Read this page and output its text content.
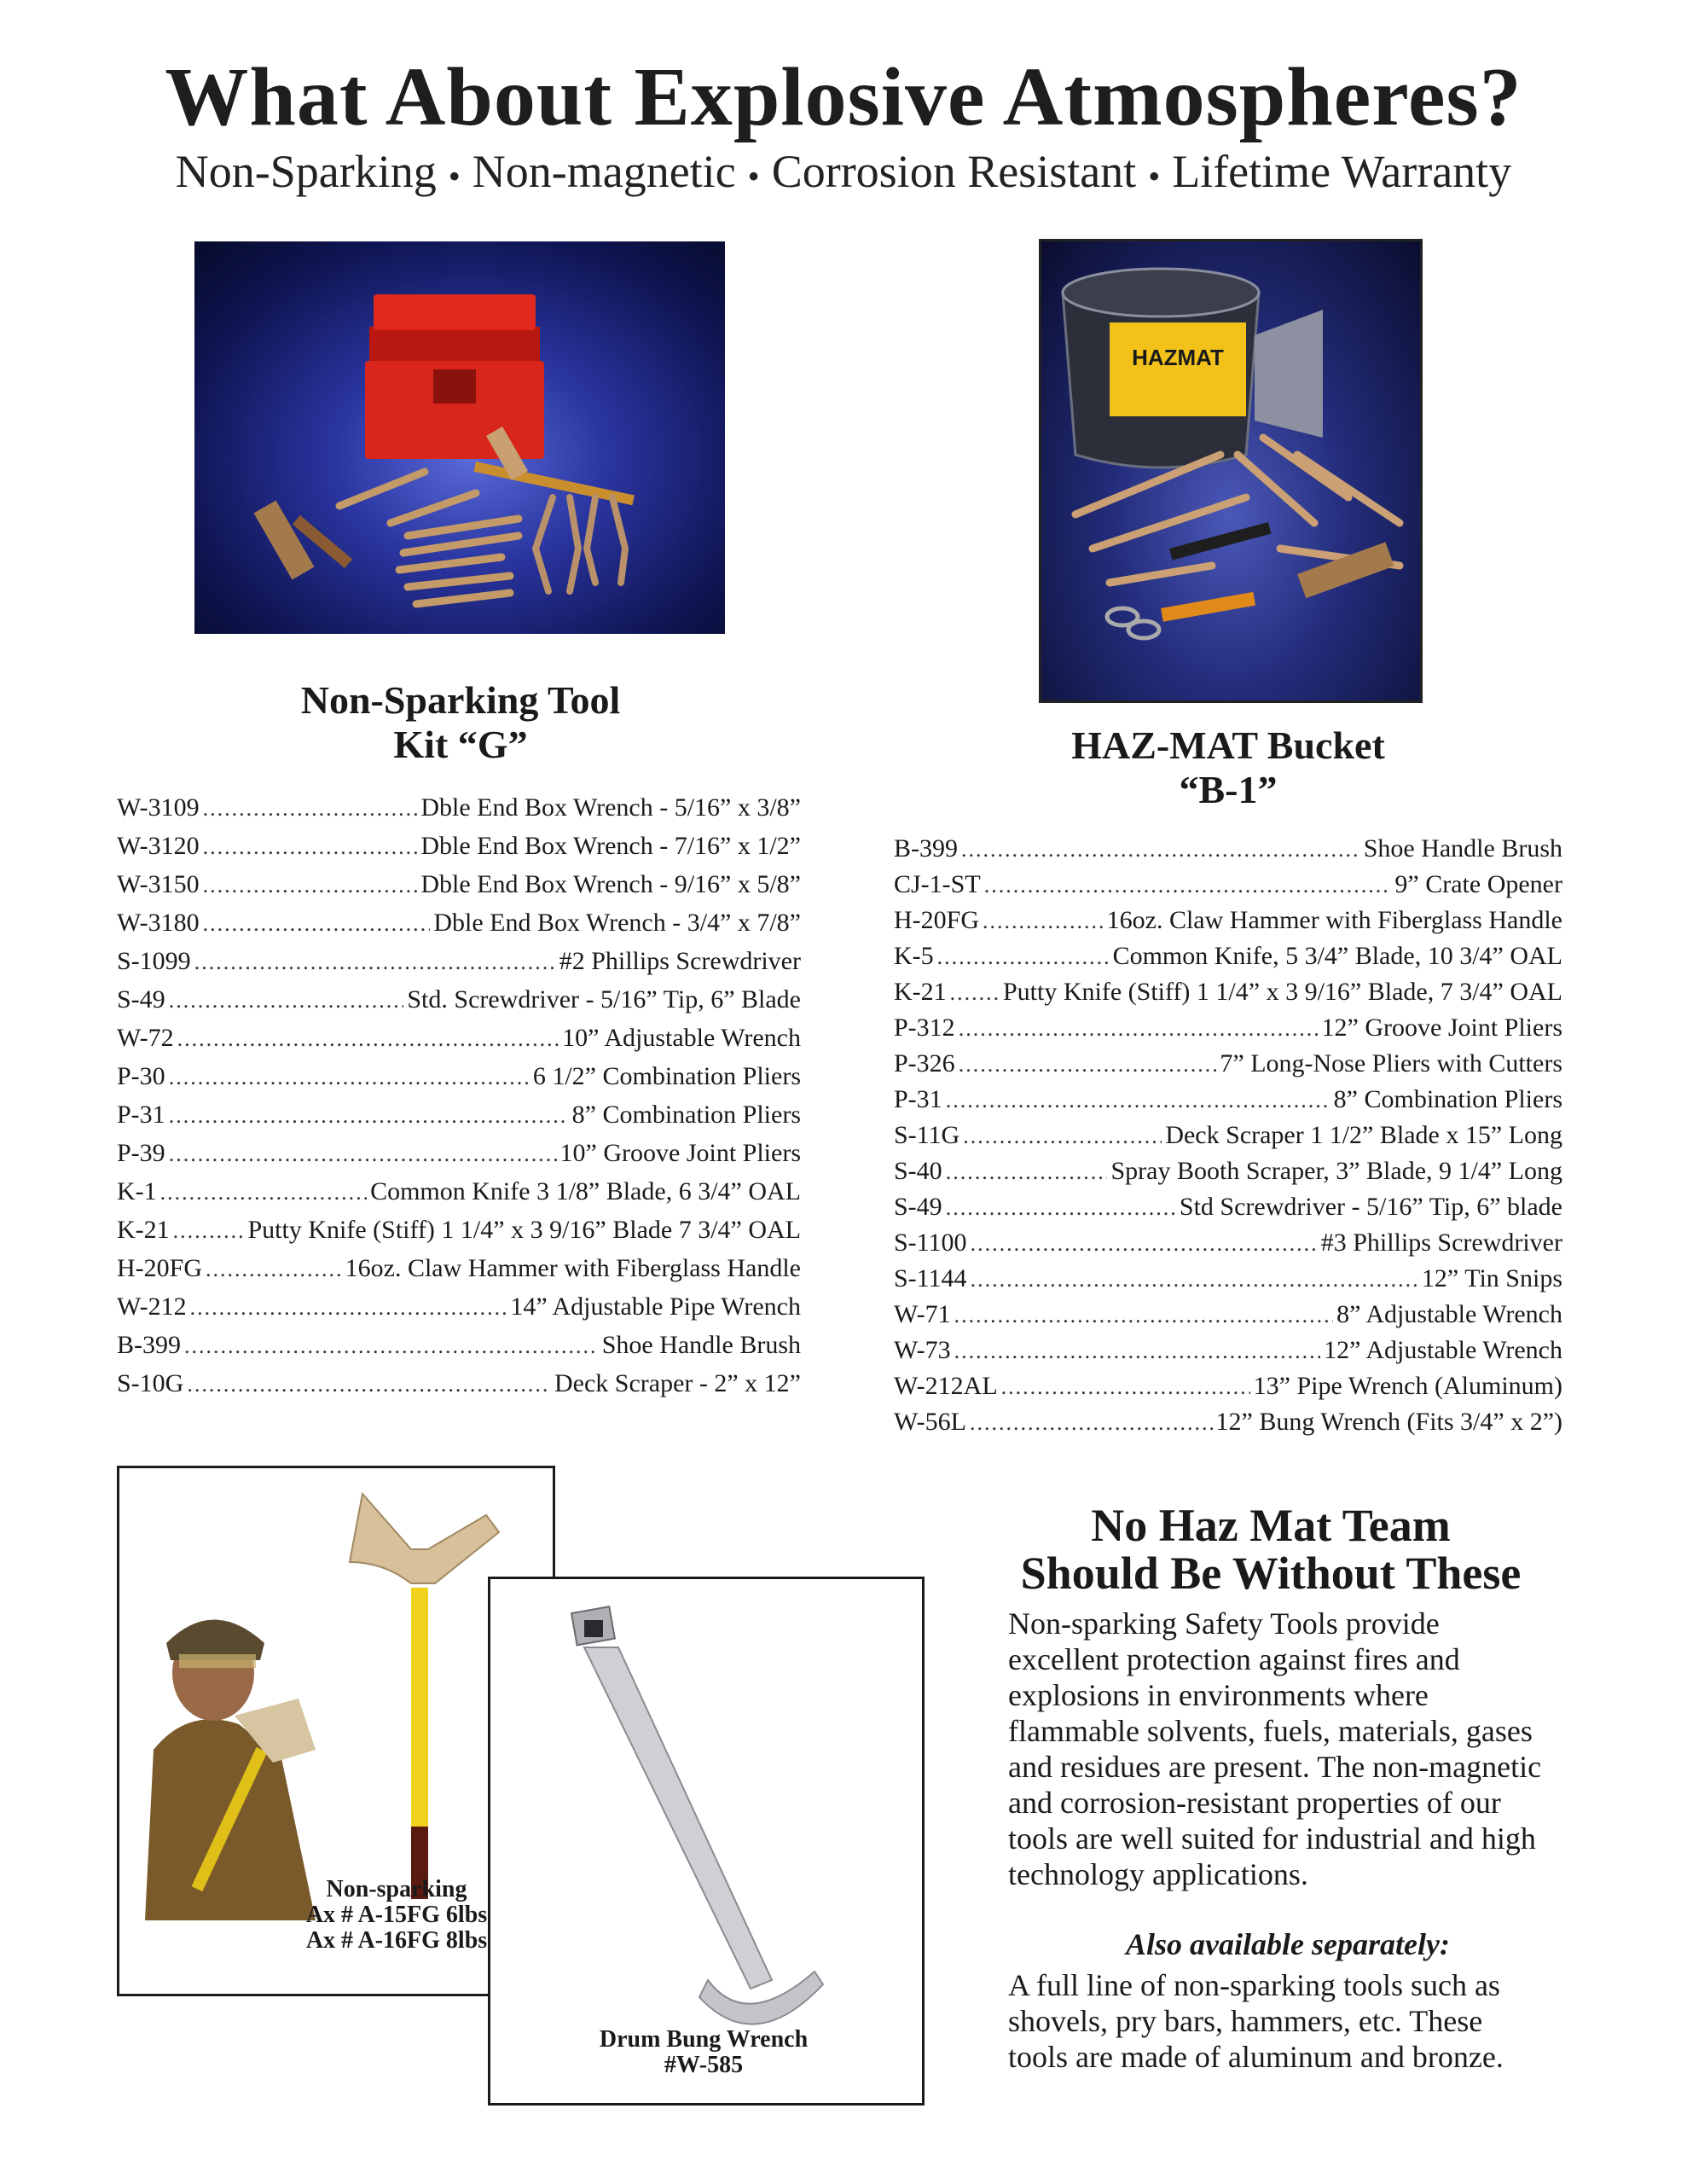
What About Explosive Atmospheres?
Non-Sparking • Non-magnetic • Corrosion Resistant • Lifetime Warranty
HAZMAT
Non-Sparking Tool
Kit “G”
W-3109 .....	Dble End Box Wrench - 5/16” x 3/8”
W-3120 .....	Dble End Box Wrench - 7/16” x 1/2”
W-3150 .....	Dble End Box Wrench - 9/16” x 5/8”
W-3180 .....	Dble End Box Wrench - 3/4” x 7/8”
S-1099 .....	#2 Phillips Screwdriver
S-49 .....	Std. Screwdriver - 5/16” Tip, 6” Blade
W-72 .....	10” Adjustable Wrench
P-30 .....	6 1/2” Combination Pliers
P-31 .....	8” Combination Pliers
P-39 .....	10” Groove Joint Pliers
K-1 .....	Common Knife 3 1/8” Blade, 6 3/4” OAL
K-21 .....	Putty Knife (Stiff) 1 1/4” x 3 9/16” Blade 7 3/4” OAL
H-20FG .....	16oz. Claw Hammer with Fiberglass Handle
W-212 .....	14” Adjustable Pipe Wrench
B-399 .....	Shoe Handle Brush
S-10G .....	Deck Scraper - 2” x 12”
HAZ-MAT Bucket
“B-1”
B-399 .....	Shoe Handle Brush
CJ-1-ST .....	9” Crate Opener
H-20FG .....	16oz. Claw Hammer with Fiberglass Handle
K-5 .....	Common Knife, 5 3/4” Blade, 10 3/4” OAL
K-21 ..... Putty Knife (Stiff) 1 1/4” x 3 9/16” Blade, 7 3/4” OAL
P-312 .....	12” Groove Joint Pliers
P-326 .....	7” Long-Nose Pliers with Cutters
P-31 .....	8” Combination Pliers
S-11G .....	Deck Scraper 1 1/2” Blade x 15” Long
S-40 .....	Spray Booth Scraper, 3” Blade, 9 1/4” Long
S-49 .....	Std Screwdriver - 5/16” Tip, 6” blade
S-1100 .....	#3 Phillips Screwdriver
S-1144 .....	12” Tin Snips
W-71 .....	8” Adjustable Wrench
W-73 .....	12” Adjustable Wrench
W-212AL .....	13” Pipe Wrench (Aluminum)
W-56L .....	12” Bung Wrench (Fits 3/4” x 2”)
Non-sparking
Ax # A-15FG 6lbs
Ax # A-16FG 8lbs
Drum Bung Wrench
#W-585
No Haz Mat Team
Should Be Without These
Non-sparking Safety Tools provide
excellent protection against fires and
explosions in environments where
flammable solvents, fuels, materials, gases
and residues are present. The non-magnetic
and corrosion-resistant properties of our
tools are well suited for industrial and high
technology applications.
Also available separately:
A full line of non-sparking tools such as
shovels, pry bars, hammers, etc. These
tools are made of aluminum and bronze.
